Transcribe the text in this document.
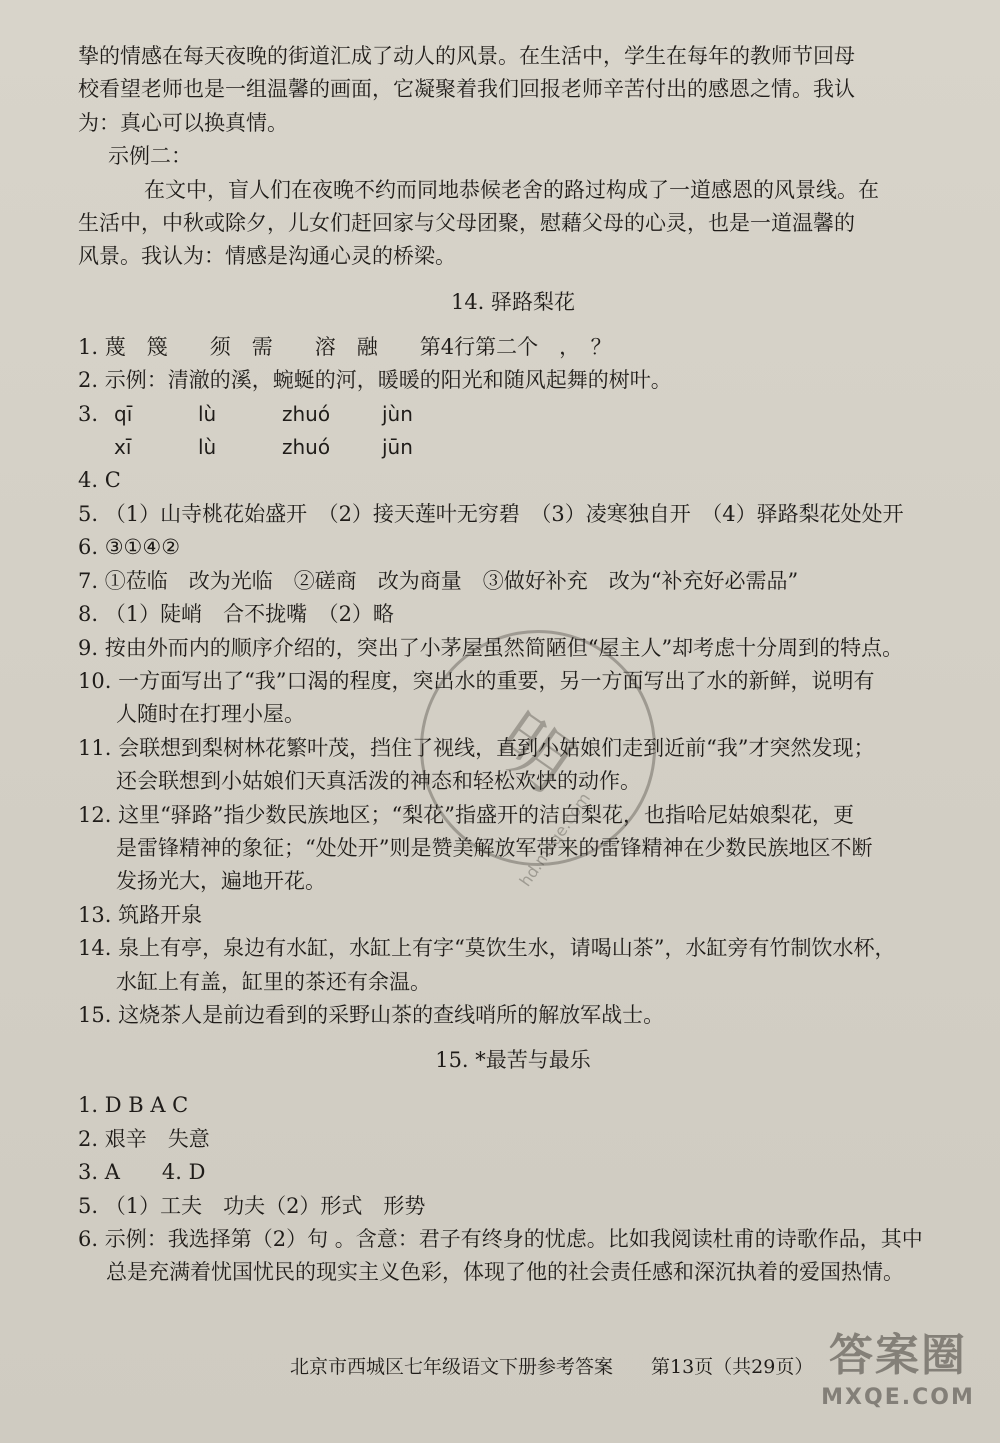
挚的情感在每天夜晚的街道汇成了动人的风景。在生活中，学生在每年的教师节回母
校看望老师也是一组温馨的画面，它凝聚着我们回报老师辛苦付出的感恩之情。我认
为：真心可以换真情。
示例二：
在文中，盲人们在夜晚不约而同地恭候老舍的路过构成了一道感恩的风景线。在
生活中，中秋或除夕，儿女们赶回家与父母团聚，慰藉父母的心灵，也是一道温馨的
风景。我认为：情感是沟通心灵的桥梁。
14. 驿路梨花
1. 蔑　篾　　须　需　　溶　融　　第4行第二个　，　？
2. 示例：清澈的溪，蜿蜒的河，暖暖的阳光和随风起舞的树叶。
3. qī	lù	zhuó	jùn
xī	lù	zhuó	jūn
4. C
5. （1）山寺桃花始盛开　（2）接天莲叶无穷碧　（3）凌寒独自开　（4）驿路梨花处处开
6. ③①④②
7. ①莅临　改为光临　②磋商　改为商量　③做好补充　改为“补充好必需品”
8. （1）陡峭　合不拢嘴　（2）略
9. 按由外而内的顺序介绍的，突出了小茅屋虽然简陋但“屋主人”却考虑十分周到的特点。
10. 一方面写出了“我”口渴的程度，突出水的重要，另一方面写出了水的新鲜，说明有
人随时在打理小屋。
11. 会联想到梨树林花繁叶茂，挡住了视线，直到小姑娘们走到近前“我”才突然发现；
还会联想到小姑娘们天真活泼的神态和轻松欢快的动作。
12. 这里“驿路”指少数民族地区；“梨花”指盛开的洁白梨花，也指哈尼姑娘梨花，更
是雷锋精神的象征；“处处开”则是赞美解放军带来的雷锋精神在少数民族地区不断
发扬光大，遍地开花。
13. 筑路开泉
14. 泉上有亭，泉边有水缸，水缸上有字“莫饮生水，请喝山茶”，水缸旁有竹制饮水杯，
水缸上有盖，缸里的茶还有余温。
15. 这烧茶人是前边看到的采野山茶的查线哨所的解放军战士。
15. *最苦与最乐
1. D B A C
2. 艰辛　失意
3. A　　4. D
5. （1）工夫　功夫（2）形式　形势
6. 示例：我选择第（2）句 。含意：君子有终身的忧虑。比如我阅读杜甫的诗歌作品，其中
总是充满着忧国忧民的现实主义色彩，体现了他的社会责任感和深沉执着的爱国热情。
明
hd.mxqe.com
北京市西城区七年级语文下册参考答案　　第13页（共29页） 答案圈
MXQE.COM
